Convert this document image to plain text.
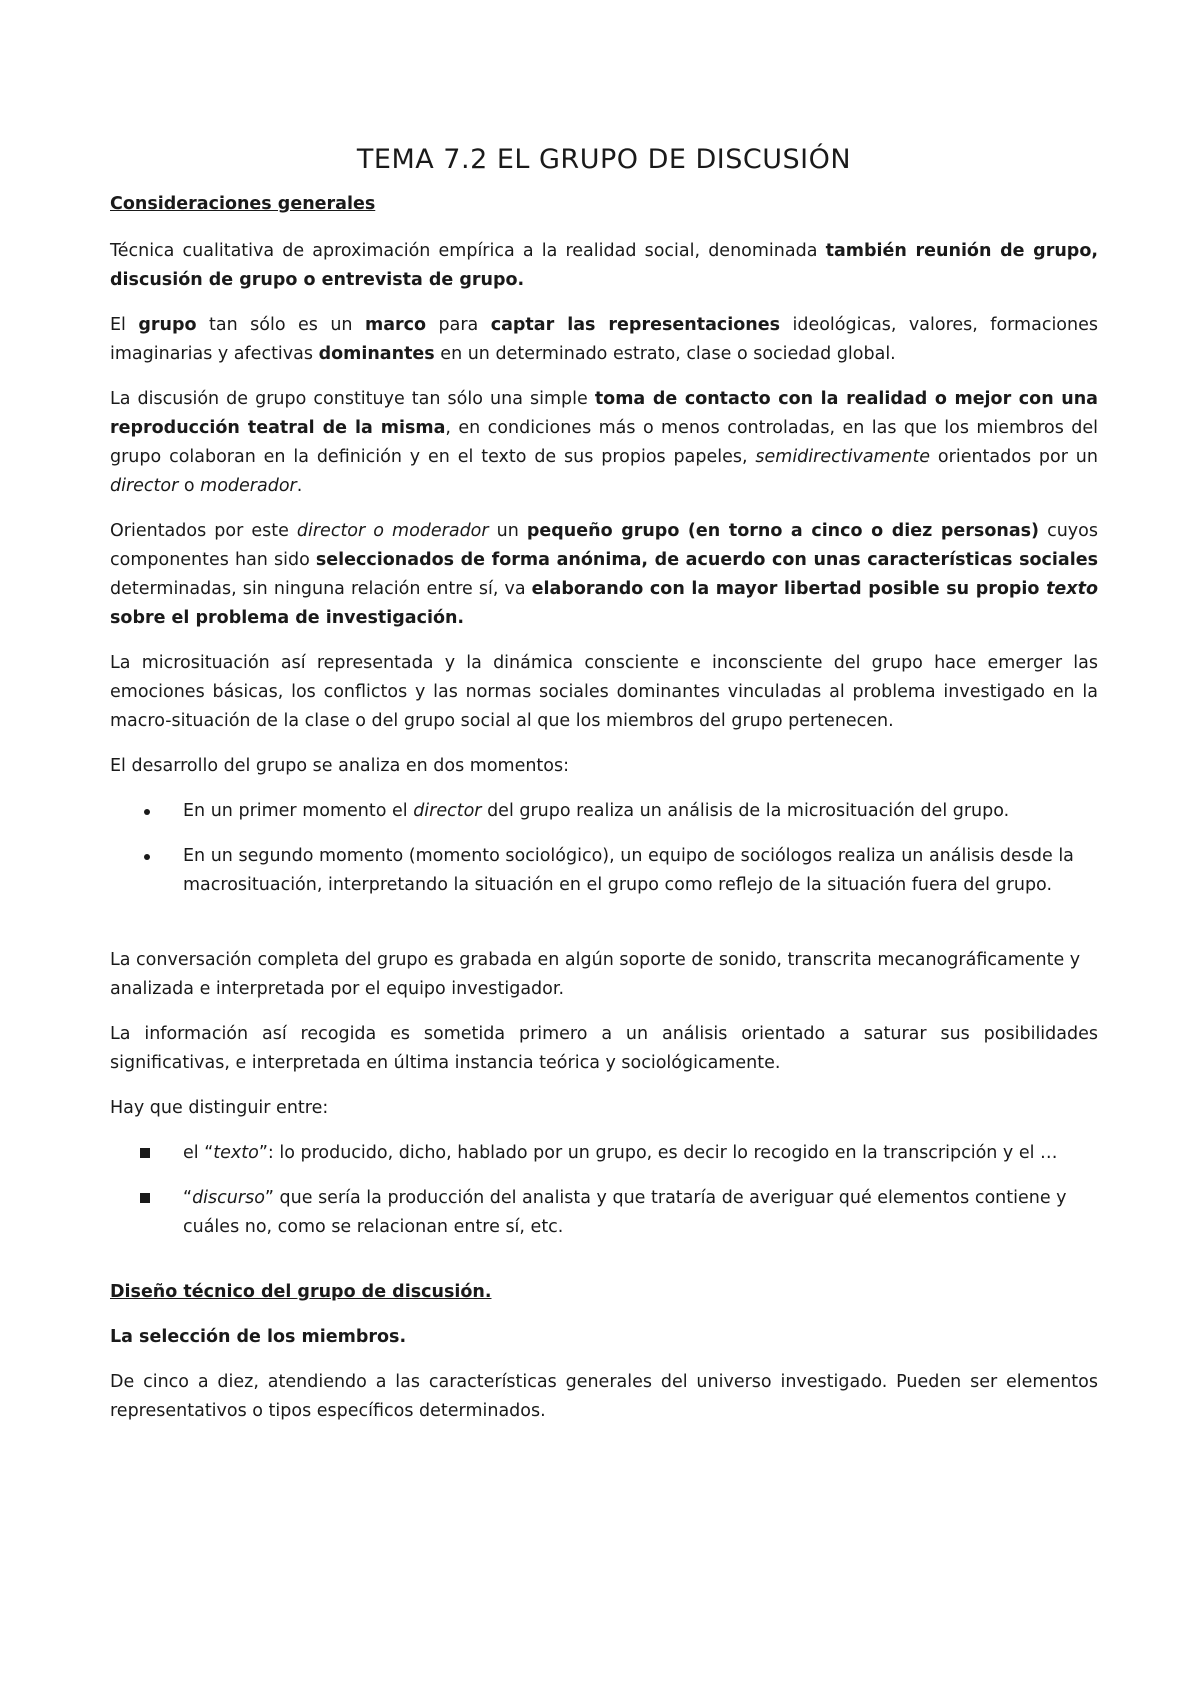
TEMA 7.2 EL GRUPO DE DISCUSIÓN
Consideraciones generales

Técnica cualitativa de aproximación empírica a la realidad social, denominada también reunión de grupo, discusión de grupo o entrevista de grupo.

El grupo tan sólo es un marco para captar las representaciones ideológicas, valores, formaciones imaginarias y afectivas dominantes en un determinado estrato, clase o sociedad global.

La discusión de grupo constituye tan sólo una simple toma de contacto con la realidad o mejor con una reproducción teatral de la misma, en condiciones más o menos controladas, en las que los miembros del grupo colaboran en la definición y en el texto de sus propios papeles, semidirectivamente orientados por un director o moderador.

Orientados por este director o moderador un pequeño grupo (en torno a cinco o diez personas) cuyos componentes han sido seleccionados de forma anónima, de acuerdo con unas características sociales determinadas, sin ninguna relación entre sí, va elaborando con la mayor libertad posible su propio texto sobre el problema de investigación.

La microsituación así representada y la dinámica consciente e inconsciente del grupo hace emerger las emociones básicas, los conflictos y las normas sociales dominantes vinculadas al problema investigado en la macro-situación de la clase o del grupo social al que los miembros del grupo pertenecen.

El desarrollo del grupo se analiza en dos momentos:

En un primer momento el director del grupo realiza un análisis de la microsituación del grupo.
En un segundo momento (momento sociológico), un equipo de sociólogos realiza un análisis desde la macrosituación, interpretando la situación en el grupo como reflejo de la situación fuera del grupo.

La conversación completa del grupo es grabada en algún soporte de sonido, transcrita mecanográficamente y analizada e interpretada por el equipo investigador.

La información así recogida es sometida primero a un análisis orientado a saturar sus posibilidades significativas, e interpretada en última instancia teórica y sociológicamente.

Hay que distinguir entre:

el “texto”: lo producido, dicho, hablado por un grupo, es decir lo recogido en la transcripción y el …
“discurso” que sería la producción del analista y que trataría de averiguar qué elementos contiene y cuáles no, como se relacionan entre sí, etc.
Diseño técnico del grupo de discusión.

La selección de los miembros.

De cinco a diez, atendiendo a las características generales del universo investigado. Pueden ser elementos representativos o tipos específicos determinados.
